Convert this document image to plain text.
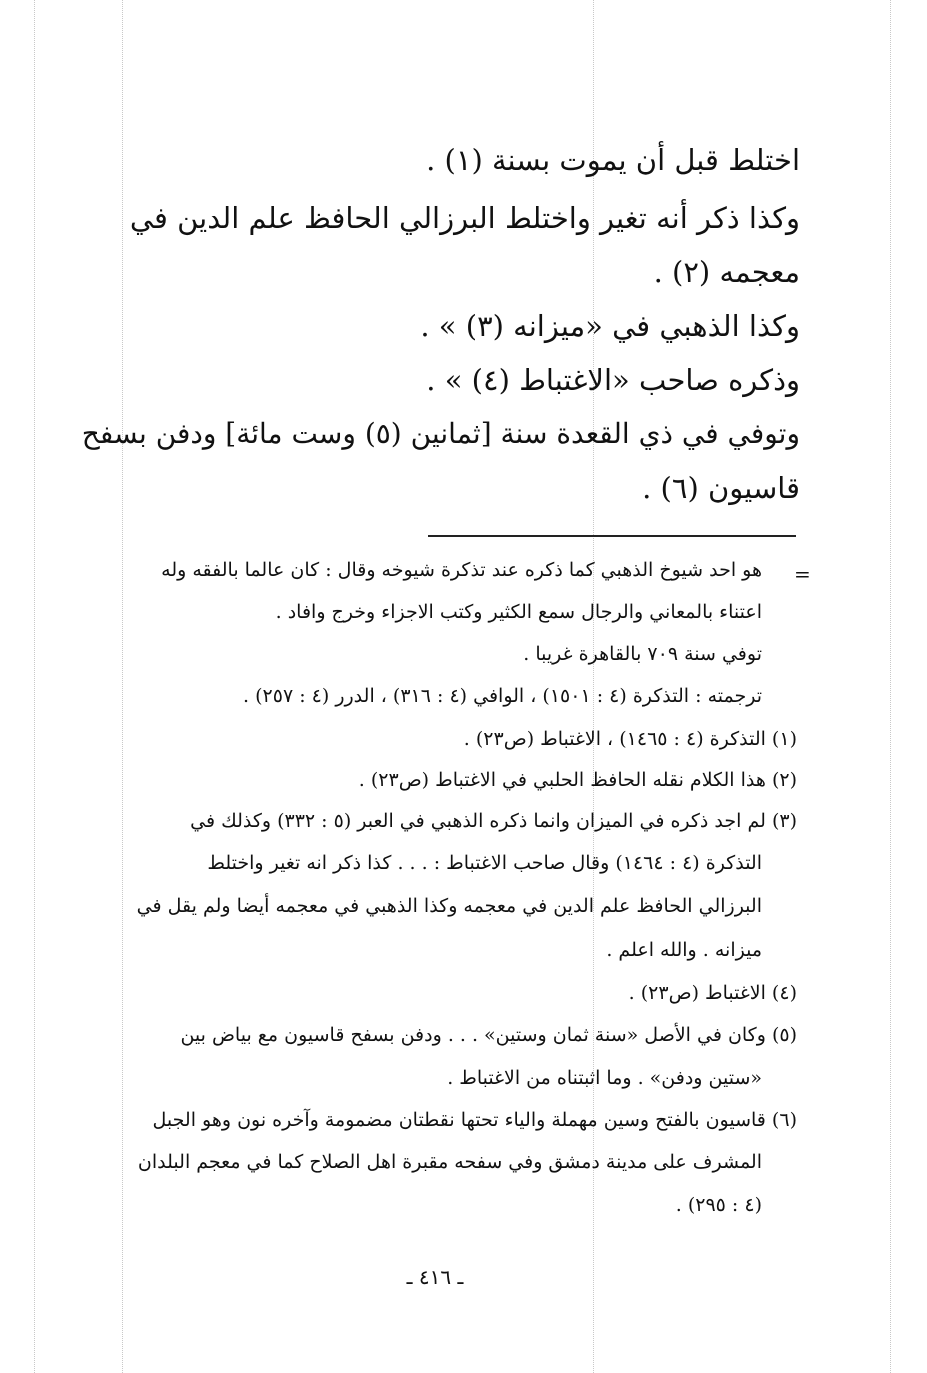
اختلط قبل أن يموت بسنة (١) .
وكذا ذكر أنه تغير واختلط البرزالي الحافظ علم الدين في
معجمه (٢) .
وكذا الذهبي في «ميزانه (٣) » .
وذكره صاحب «الاغتباط (٤) » .
وتوفي في ذي القعدة سنة [ثمانين (٥) وست مائة] ودفن بسفح
قاسيون (٦) .
=
هو احد شيوخ الذهبي كما ذكره عند تذكرة شيوخه وقال : كان عالما بالفقه وله
اعتناء بالمعاني والرجال سمع الكثير وكتب الاجزاء وخرج وافاد .
توفي سنة ٧٠٩ بالقاهرة غريبا .
ترجمته : التذكرة (٤ : ١٥٠١) ، الوافي (٤ : ٣١٦) ، الدرر (٤ : ٢٥٧) .
(١) التذكرة (٤ : ١٤٦٥) ، الاغتباط (ص٢٣) .
(٢) هذا الكلام نقله الحافظ الحلبي في الاغتباط (ص٢٣) .
(٣) لم اجد ذكره في الميزان وانما ذكره الذهبي في العبر (٥ : ٣٣٢) وكذلك في
التذكرة (٤ : ١٤٦٤) وقال صاحب الاغتباط : . . . كذا ذكر انه تغير واختلط
البرزالي الحافظ علم الدين في معجمه وكذا الذهبي في معجمه أيضا ولم يقل في
ميزانه . والله اعلم .
(٤) الاغتباط (ص٢٣) .
(٥) وكان في الأصل «سنة ثمان وستين» . . . ودفن بسفح قاسيون مع بياض بين
«ستين ودفن» . وما اثبتناه من الاغتباط .
(٦) قاسيون بالفتح وسين مهملة والياء تحتها نقطتان مضمومة وآخره نون وهو الجبل
المشرف على مدينة دمشق وفي سفحه مقبرة اهل الصلاح كما في معجم البلدان
(٤ : ٢٩٥) .
ـ ٤١٦ ـ
